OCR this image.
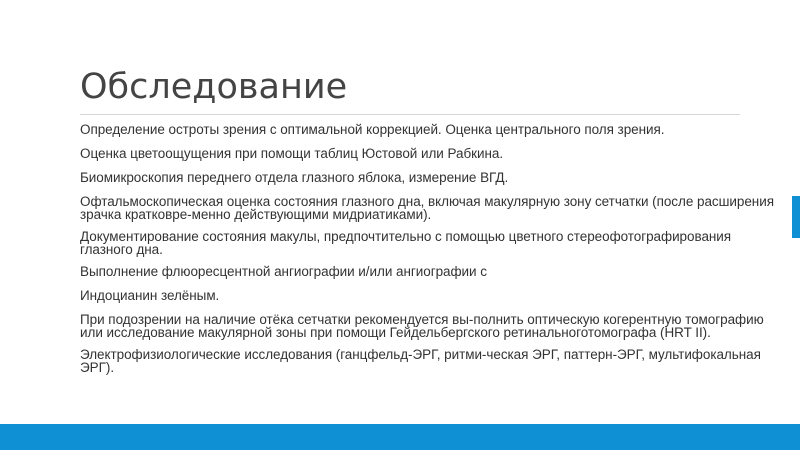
Обследование

Определение остроты зрения с оптимальной коррекцией. Оценка центрального поля зрения.

Оценка цветоощущения при помощи таблиц Юстовой или Рабкина.

Биомикроскопия переднего отдела глазного яблока, измерение ВГД.

Офтальмоскопическая оценка состояния глазного дна, включая макулярную зону сетчатки (после расширения зрачка кратковре-менно действующими мидриатиками).

Документирование состояния макулы, предпочтительно с помощью цветного стереофотографирования глазного дна.

Выполнение флюоресцентной ангиографии и/или ангиографии с

Индоцианин зелёным.

При подозрении на наличие отёка сетчатки рекомендуется вы-полнить оптическую когерентную томографию или исследование макулярной зоны при помощи Гейдельбергского ретинальноготомографа (HRT II).

Электрофизиологические исследования (ганцфельд-ЭРГ, ритми-ческая ЭРГ, паттерн-ЭРГ, мультифокальная ЭРГ).
